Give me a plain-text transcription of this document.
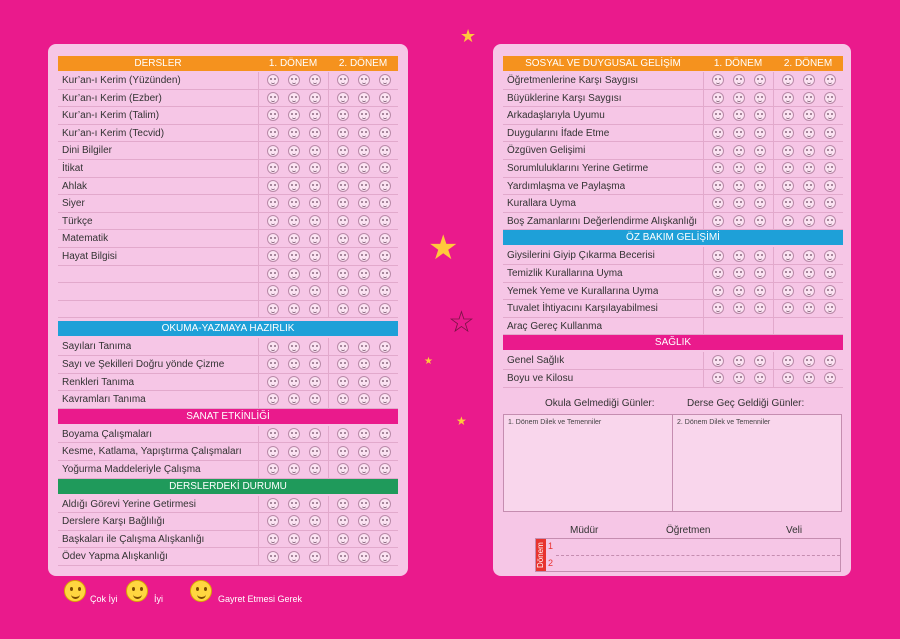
★
★
☆
★
★
DERSLER	1. DÖNEM	2. DÖNEM
Kur’an-ı Kerim (Yüzünden)
Kur’an-ı Kerim (Ezber)
Kur’an-ı Kerim (Talim)
Kur’an-ı Kerim (Tecvid)
Dini Bilgiler
İtikat
Ahlak
Siyer
Türkçe
Matematik
Hayat Bilgisi
OKUMA-YAZMAYA HAZIRLIK
Sayıları Tanıma
Sayı ve Şekilleri Doğru yönde Çizme
Renkleri Tanıma
Kavramları Tanıma
SANAT ETKİNLİĞİ
Boyama Çalışmaları
Kesme, Katlama, Yapıştırma Çalışmaları
Yoğurma Maddeleriyle Çalışma
DERSLERDEKİ DURUMU
Aldığı Görevi Yerine Getirmesi
Derslere Karşı Bağlılığı
Başkaları ile Çalışma Alışkanlığı
Ödev Yapma Alışkanlığı
SOSYAL VE DUYGUSAL GELİŞİM	1. DÖNEM	2. DÖNEM
Öğretmenlerine Karşı Saygısı
Büyüklerine Karşı Saygısı
Arkadaşlarıyla Uyumu
Duygularını İfade Etme
Özgüven Gelişimi
Sorumluluklarını Yerine Getirme
Yardımlaşma ve Paylaşma
Kurallara Uyma
Boş Zamanlarını Değerlendirme Alışkanlığı
ÖZ BAKIM GELİŞİMİ
Giysilerini Giyip Çıkarma Becerisi
Temizlik Kurallarına Uyma
Yemek Yeme ve Kurallarına Uyma
Tuvalet İhtiyacını Karşılayabilmesi
Araç Gereç Kullanma
SAĞLIK
Genel Sağlık
Boyu ve Kilosu
Okula Gelmediği Günler:	Derse Geç Geldiği Günler:
1. Dönem Dilek ve Temenniler	2. Dönem Dilek ve Temenniler
Müdür	Öğretmen	Veli
Dönem 1
2
Çok İyi	İyi	Gayret Etmesi Gerek
